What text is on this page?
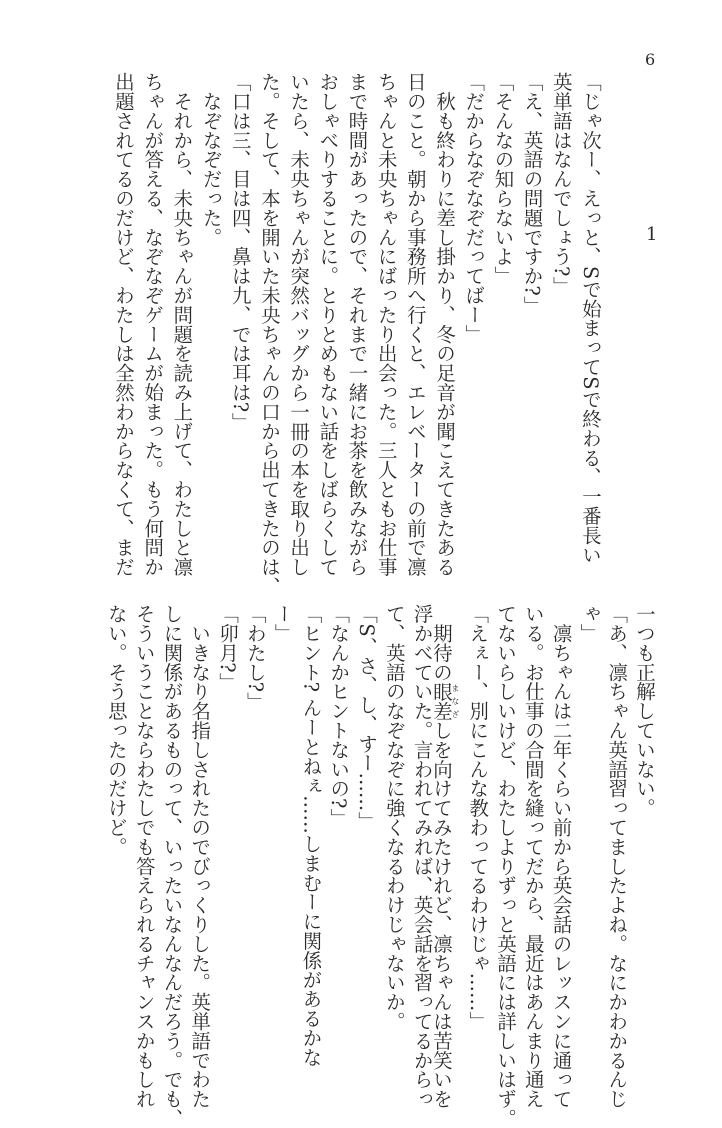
6
1
「じゃ次ー、えっと、Sで始まってSで終わる、一番長い
英単語はなんでしょう?」
「え、英語の問題ですか?」
「そんなの知らないよ」
「だからなぞなぞだってばー」
　秋も終わりに差し掛かり、冬の足音が聞こえてきたある
日のこと。朝から事務所へ行くと、エレベーターの前で凛
ちゃんと未央ちゃんにばったり出会った。三人ともお仕事
まで時間があったので、それまで一緒にお茶を飲みながら
おしゃべりすることに。とりとめもない話をしばらくして
いたら、未央ちゃんが突然バッグから一冊の本を取り出し
た。そして、本を開いた未央ちゃんの口から出てきたのは、
「口は三、目は四、鼻は九、では耳は?」
　なぞなぞだった。
　それから、未央ちゃんが問題を読み上げて、わたしと凛
ちゃんが答える、なぞなぞゲームが始まった。もう何問か
出題されてるのだけど、わたしは全然わからなくて、まだ
一つも正解していない。
「あ、凛ちゃん英語習ってましたよね。なにかわかるんじ
ゃ」
　凛ちゃんは二年くらい前から英会話のレッスンに通って
いる。お仕事の合間を縫ってだから、最近はあんまり通え
てないらしいけど、わたしよりずっと英語には詳しいはず。
「えぇー、別にこんな教わってるわけじゃ……」
　期待の眼差まなざしを向けてみたけれど、凛ちゃんは苦笑いを
浮かべていた。言われてみれば、英会話を習ってるからっ
て、英語のなぞなぞに強くなるわけじゃないか。
「S、さ、し、すー……」
「なんかヒントないの?」
「ヒント? んーとねぇ……しまむーに関係があるかな
ー」
「わたし?」
「卯月?」
　いきなり名指しされたのでびっくりした。英単語でわた
しに関係があるものって、いったいなんなんだろう。でも、
そういうことならわたしでも答えられるチャンスかもしれ
ない。そう思ったのだけど。
